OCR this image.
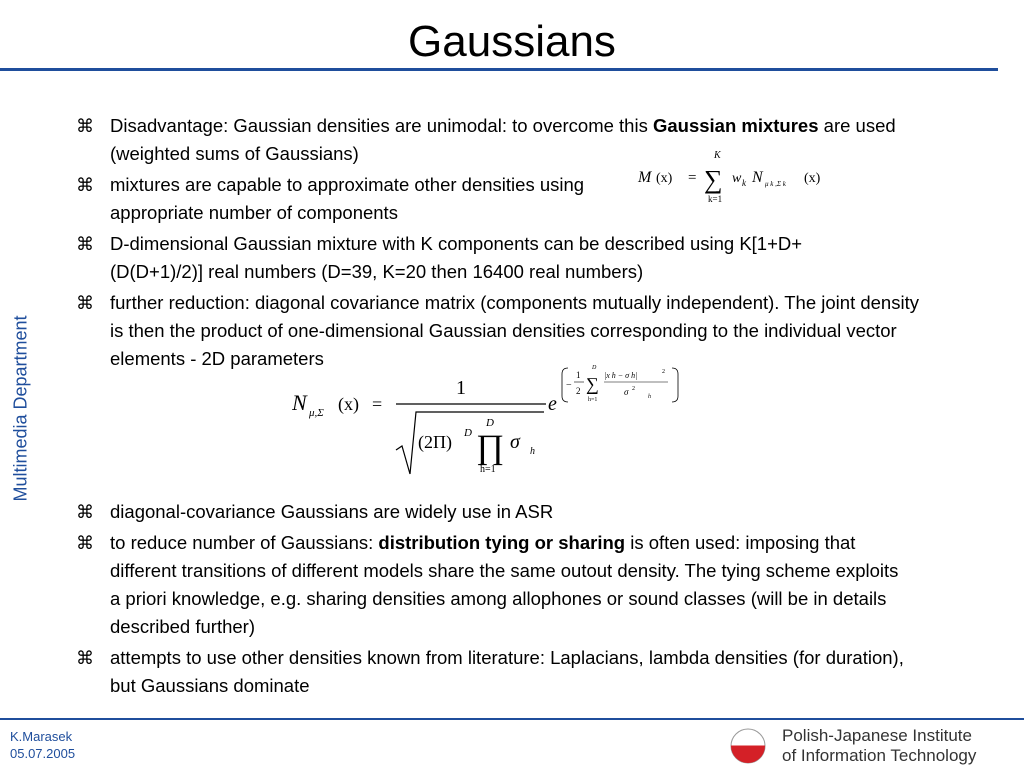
Gaussians
Multimedia Department
⌘ Disadvantage: Gaussian densities are unimodal: to overcome this Gaussian mixtures are used (weighted sums of Gaussians)
⌘ mixtures are capable to approximate other densities using appropriate number of components
⌘ D-dimensional Gaussian mixture with K components can be described using K[1+D+(D(D+1)/2)] real numbers (D=39, K=20 then 16400 real numbers)
⌘ further reduction: diagonal covariance matrix (components mutually independent). The joint density is then the product of one-dimensional Gaussian densities corresponding to the individual vector elements - 2D parameters
⌘ diagonal-covariance Gaussians are widely use in ASR
⌘ to reduce number of Gaussians: distribution tying or sharing is often used: imposing that different transitions of different models share the same outout density. The tying scheme exploits a priori knowledge, e.g. sharing densities among allophones or sound classes (will be in details described further)
⌘ attempts to use other densities known from literature: Laplacians, lambda densities (for duration), but Gaussians dominate
M (x) =
K
∑
k=1
w k N μ k ,Σ k (x)
N μ,Σ (x) =
1
(2Π) D
D
∏
h=1
σ h
e
−
1
2
D
∑
h=1
|x h − σ h|	2
σ 2
h
K.Marasek
05.07.2005
Polish-Japanese Institute
of Information Technology
